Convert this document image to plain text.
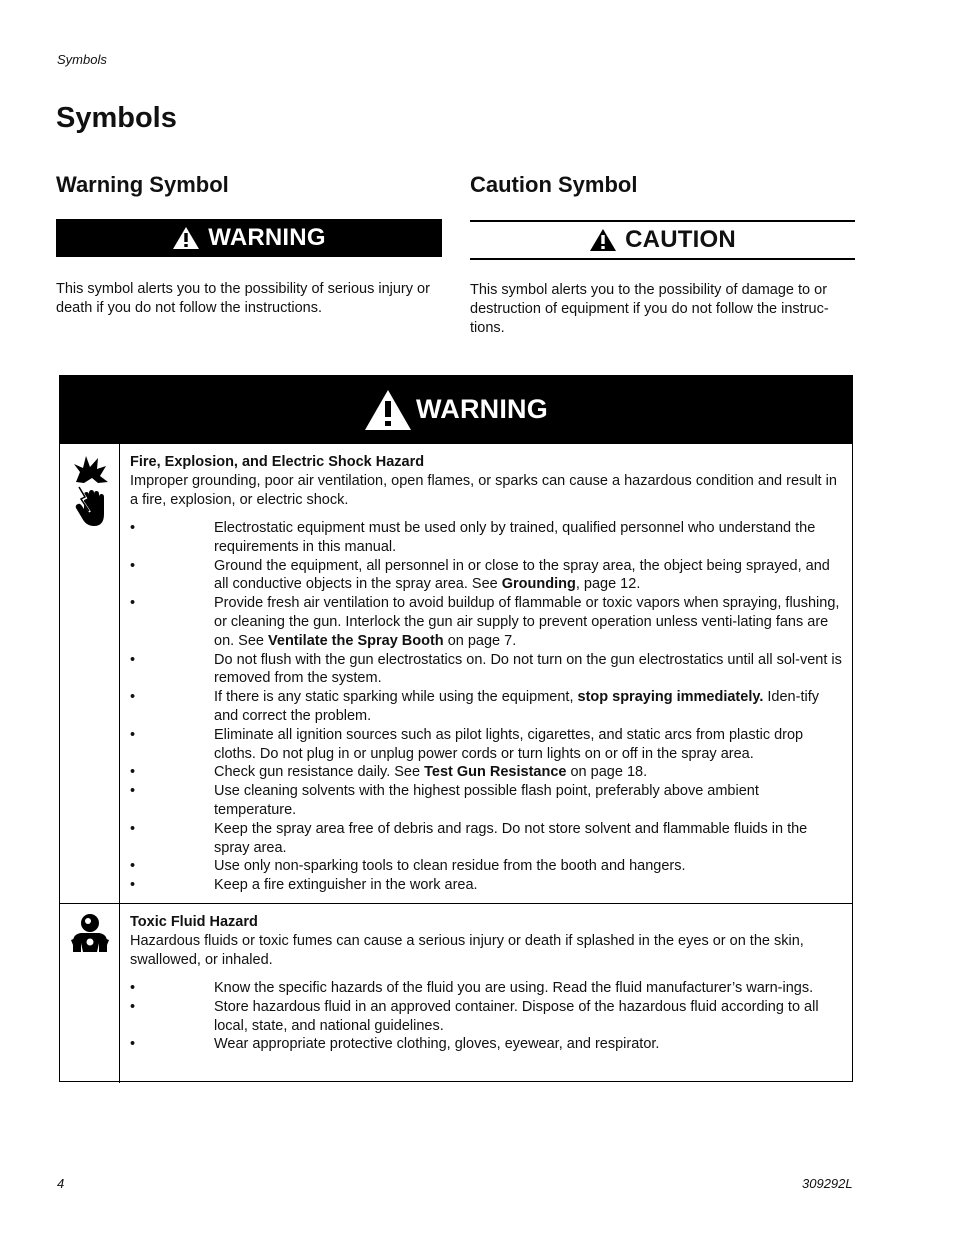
Symbols
Symbols
Warning Symbol
WARNING
This symbol alerts you to the possibility of serious injury or death if you do not follow the instructions.
Caution Symbol
CAUTION
This symbol alerts you to the possibility of damage to or destruction of equipment if you do not follow the instruc-tions.
WARNING
Fire, Explosion, and Electric Shock Hazard
Improper grounding, poor air ventilation, open flames, or sparks can cause a hazardous condition and result in a fire, explosion, or electric shock.
•	Electrostatic equipment must be used only by trained, qualified personnel who understand the requirements in this manual.
•	Ground the equipment, all personnel in or close to the spray area, the object being sprayed, and all conductive objects in the spray area. See Grounding, page 12.
•	Provide fresh air ventilation to avoid buildup of flammable or toxic vapors when spraying, flushing, or cleaning the gun. Interlock the gun air supply to prevent operation unless venti-lating fans are on. See Ventilate the Spray Booth on page 7.
•	Do not flush with the gun electrostatics on. Do not turn on the gun electrostatics until all sol-vent is removed from the system.
•	If there is any static sparking while using the equipment, stop spraying immediately. Iden-tify and correct the problem.
•	Eliminate all ignition sources such as pilot lights, cigarettes, and static arcs from plastic drop cloths. Do not plug in or unplug power cords or turn lights on or off in the spray area.
•	Check gun resistance daily. See Test Gun Resistance on page 18.
•	Use cleaning solvents with the highest possible flash point, preferably above ambient temperature.
•	Keep the spray area free of debris and rags. Do not store solvent and flammable fluids in the spray area.
•	Use only non-sparking tools to clean residue from the booth and hangers.
•	Keep a fire extinguisher in the work area.
Toxic Fluid Hazard
Hazardous fluids or toxic fumes can cause a serious injury or death if splashed in the eyes or on the skin, swallowed, or inhaled.
•	Know the specific hazards of the fluid you are using. Read the fluid manufacturer’s warn-ings.
•	Store hazardous fluid in an approved container. Dispose of the hazardous fluid according to all local, state, and national guidelines.
•	Wear appropriate protective clothing, gloves, eyewear, and respirator.
4	309292L
